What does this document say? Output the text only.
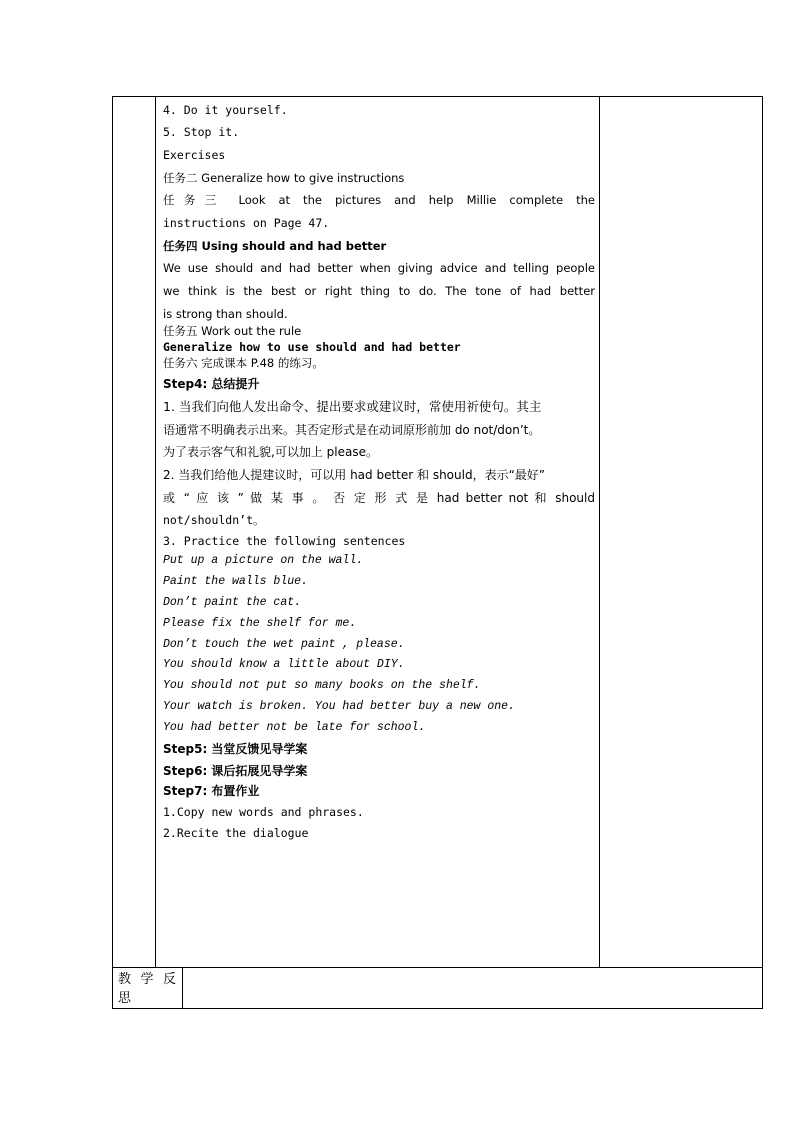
4. Do it yourself.
5. Stop it.
Exercises
任务二 Generalize how to give instructions
任务三 Look at the pictures and help Millie complete the
instructions on Page 47.
任务四 Using should and had better
We use should and had better when giving advice and telling people
we think is the best or right thing to do. The tone of had better
is strong than should.
任务五 Work out the rule
Generalize how to use should and had better
任务六 完成课本 P.48 的练习。
Step4: 总结提升
1. 当我们向他人发出命令、提出要求或建议时，常使用祈使句。其主
语通常不明确表示出来。其否定形式是在动词原形前加 do not/don’t。
为了表示客气和礼貌,可以加上 please。
2. 当我们给他人提建议时，可以用 had better 和 should，表示“最好”
或 “ 应 该 ” 做 某 事 。 否 定 形 式 是 had better not 和 should
not/shouldn’t。
3. Practice the following sentences
Put up a picture on the wall.
Paint the walls blue.
Don’t paint the cat.
Please fix the shelf for me.
Don’t touch the wet paint , please.
You should know a little about DIY.
You should not put so many books on the shelf.
Your watch is broken. You had better buy a new one.
You had better not be late for school.
Step5: 当堂反馈见导学案
Step6: 课后拓展见导学案
Step7: 布置作业
1.Copy new words and phrases.
2.Recite the dialogue
教 学 反
思
